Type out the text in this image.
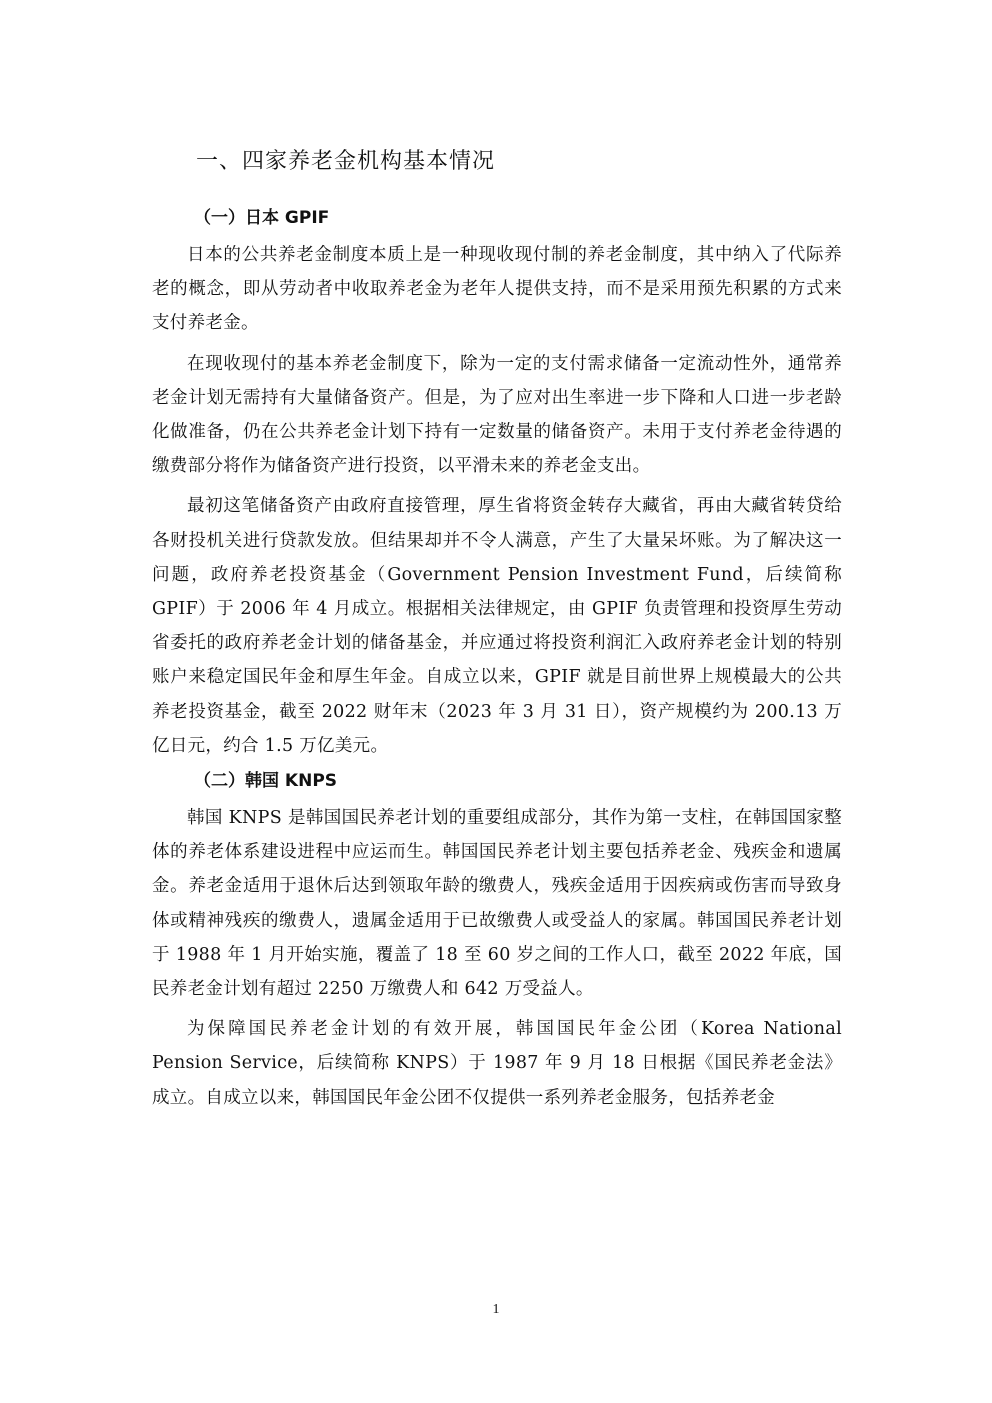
一、四家养老金机构基本情况
（一）日本 GPIF

日本的公共养老金制度本质上是一种现收现付制的养老金制度，其中纳入了代际养老的概念，即从劳动者中收取养老金为老年人提供支持，而不是采用预先积累的方式来支付养老金。

在现收现付的基本养老金制度下，除为一定的支付需求储备一定流动性外，通常养老金计划无需持有大量储备资产。但是，为了应对出生率进一步下降和人口进一步老龄化做准备，仍在公共养老金计划下持有一定数量的储备资产。未用于支付养老金待遇的缴费部分将作为储备资产进行投资，以平滑未来的养老金支出。

最初这笔储备资产由政府直接管理，厚生省将资金转存大藏省，再由大藏省转贷给各财投机关进行贷款发放。但结果却并不令人满意，产生了大量呆坏账。为了解决这一问题，政府养老投资基金（Government Pension Investment Fund，后续简称 GPIF）于 2006 年 4 月成立。根据相关法律规定，由 GPIF 负责管理和投资厚生劳动省委托的政府养老金计划的储备基金，并应通过将投资利润汇入政府养老金计划的特别账户来稳定国民年金和厚生年金。自成立以来，GPIF 就是目前世界上规模最大的公共养老投资基金，截至 2022 财年末（2023 年 3 月 31 日），资产规模约为 200.13 万亿日元，约合 1.5 万亿美元。

（二）韩国 KNPS

韩国 KNPS 是韩国国民养老计划的重要组成部分，其作为第一支柱，在韩国国家整体的养老体系建设进程中应运而生。韩国国民养老计划主要包括养老金、残疾金和遗属金。养老金适用于退休后达到领取年龄的缴费人，残疾金适用于因疾病或伤害而导致身体或精神残疾的缴费人，遗属金适用于已故缴费人或受益人的家属。韩国国民养老计划于 1988 年 1 月开始实施，覆盖了 18 至 60 岁之间的工作人口，截至 2022 年底，国民养老金计划有超过 2250 万缴费人和 642 万受益人。

为保障国民养老金计划的有效开展，韩国国民年金公团（Korea National Pension Service，后续简称 KNPS）于 1987 年 9 月 18 日根据《国民养老金法》成立。自成立以来，韩国国民年金公团不仅提供一系列养老金服务，包括养老金

1
